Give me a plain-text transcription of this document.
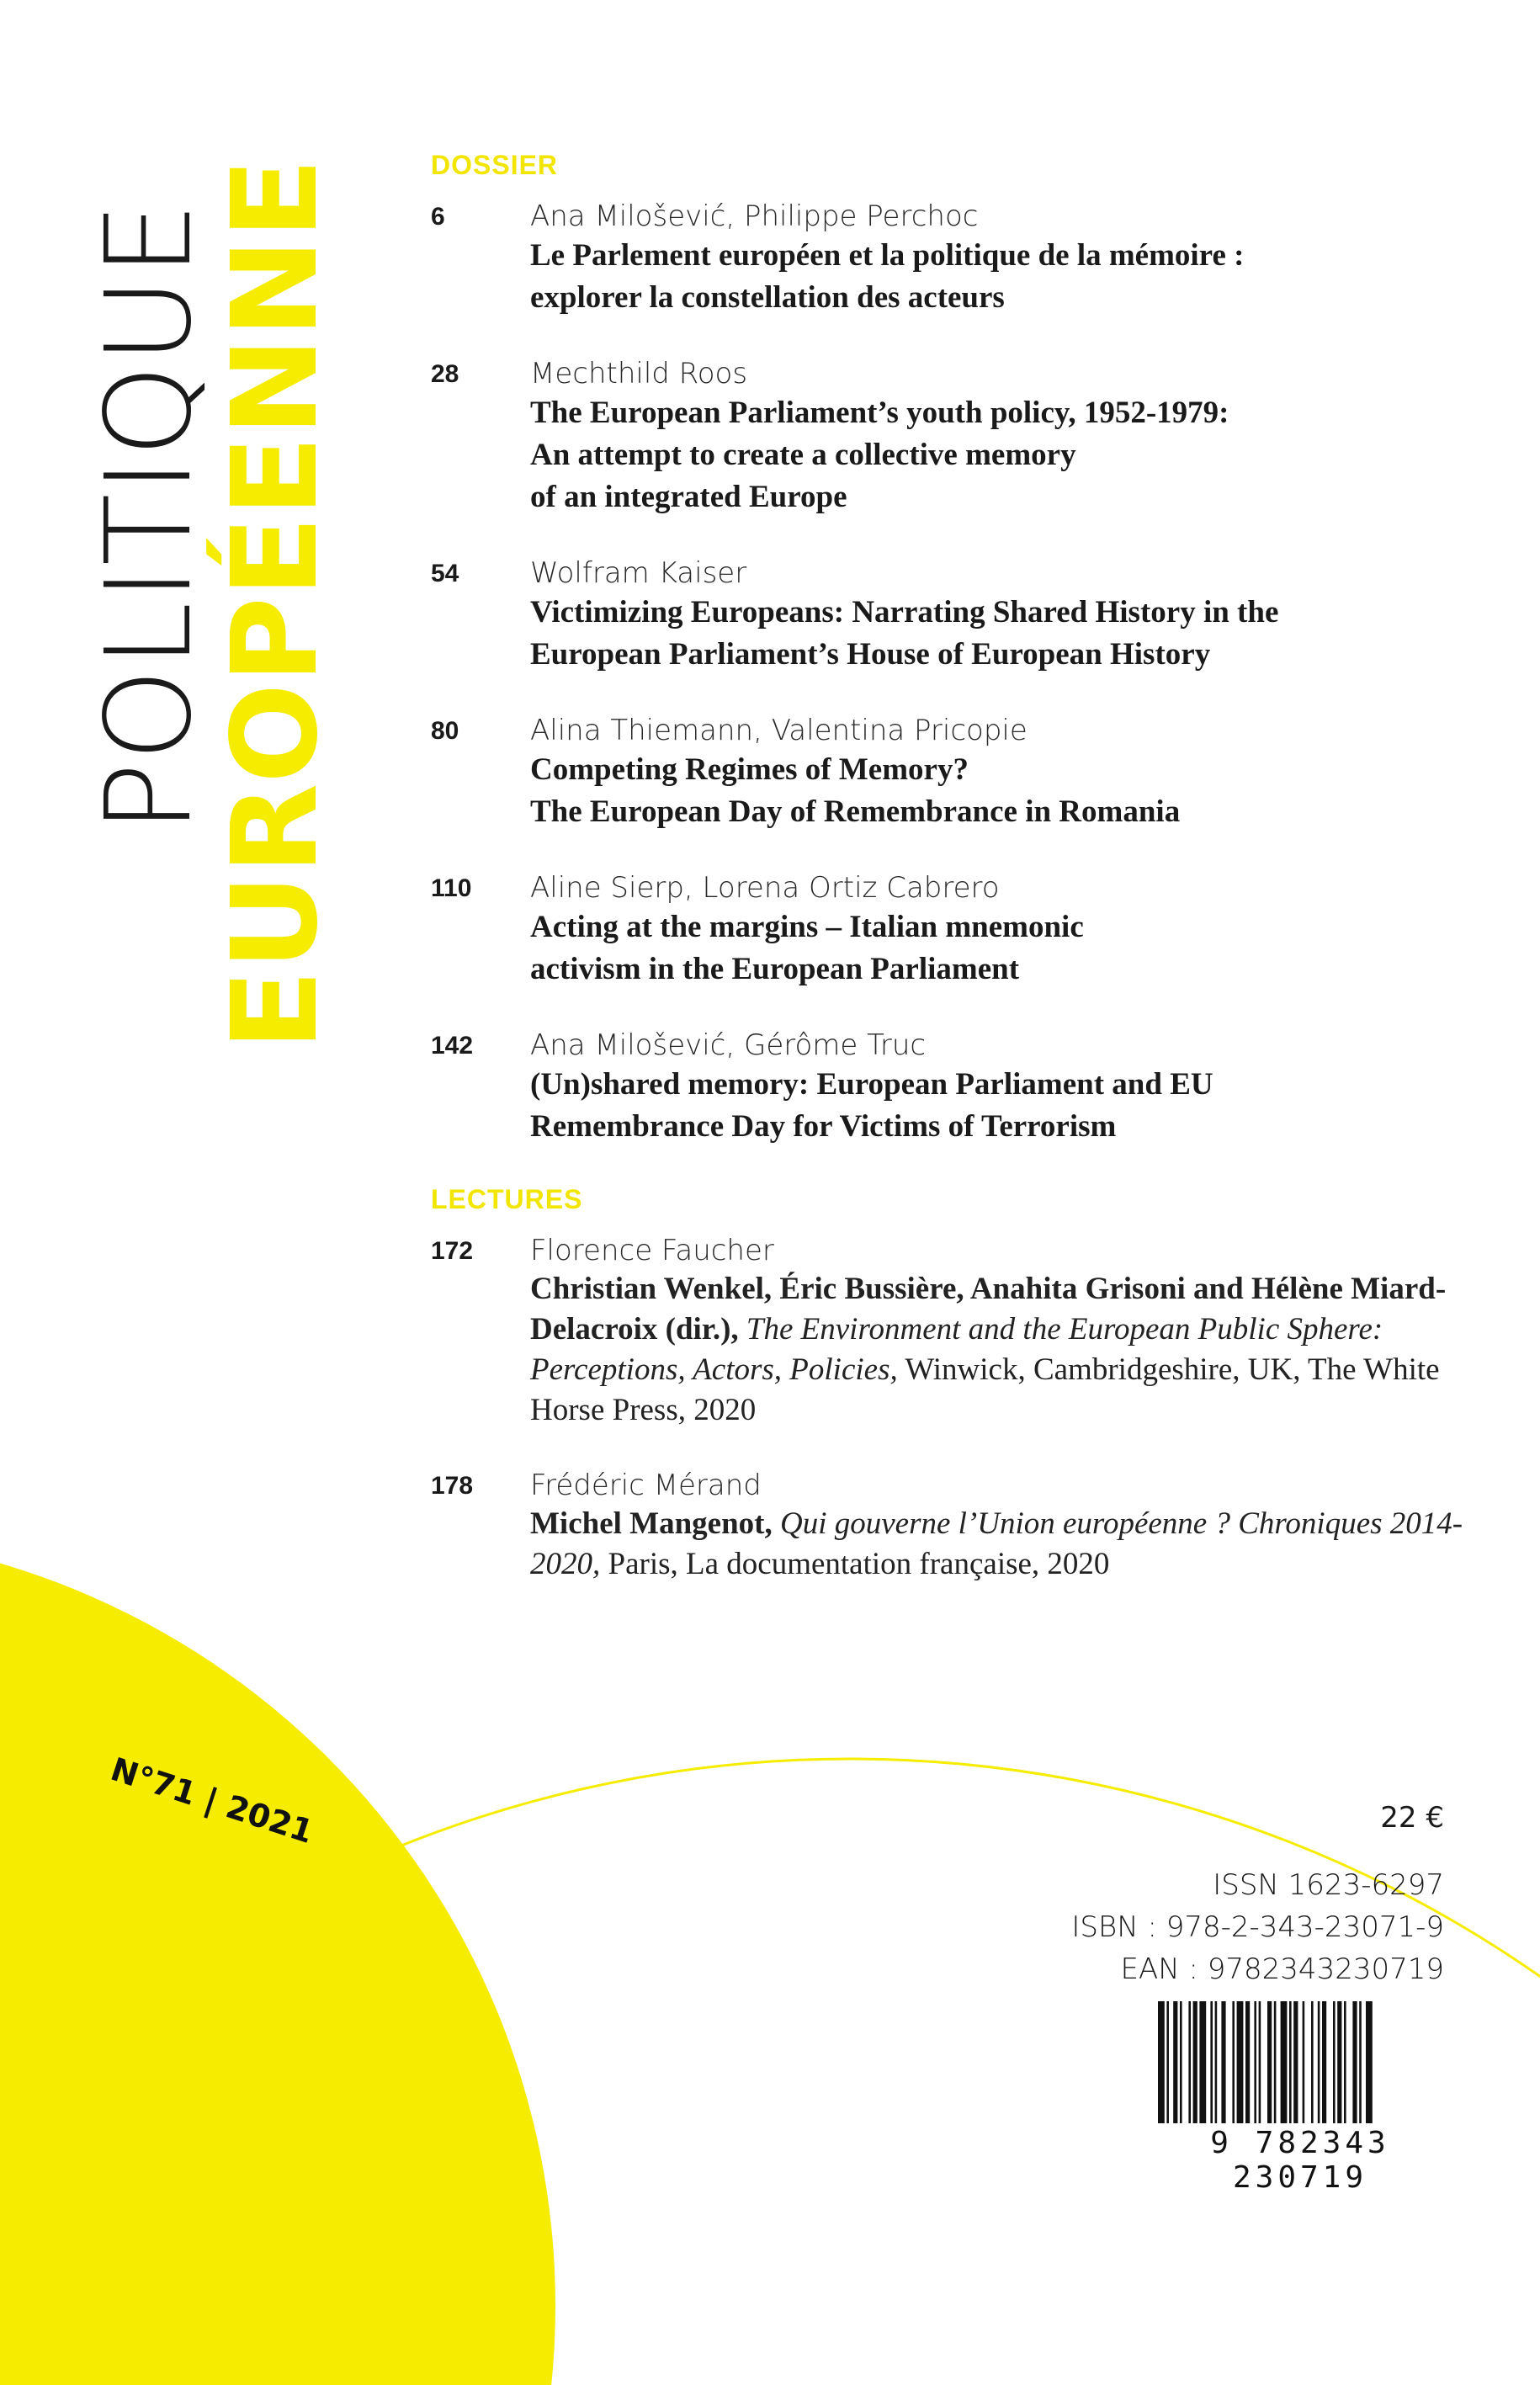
POLITIQUE
EUROPÉENNE	DOSSIER
6	Ana Milošević, Philippe Perchoc
Le Parlement européen et la politique de la mémoire :
explorer la constellation des acteurs
28 Mechthild Roos
The European Parliament’s youth policy, 1952-1979:
An attempt to create a collective memory
of an integrated Europe
54 Wolfram Kaiser
Victimizing Europeans: Narrating Shared History in the
European Parliament’s House of European History
80 Alina Thiemann, Valentina Pricopie
Competing Regimes of Memory?
The European Day of Remembrance in Romania
110 Aline Sierp, Lorena Ortiz Cabrero
Acting at the margins – Italian mnemonic
activism in the European Parliament
142 Ana Milošević, Gérôme Truc
(Un)shared memory: European Parliament and EU
Remembrance Day for Victims of Terrorism
LECTURES
172 Florence Faucher
Christian Wenkel, Éric Bussière, Anahita Grisoni and Hélène Miard-Delacroix (dir.), The Environment and the European Public Sphere: Perceptions, Actors, Policies, Winwick, Cambridgeshire, UK, The White Horse Press, 2020
178 Frédéric Mérand
Michel Mangenot, Qui gouverne l’Union européenne ? Chroniques 2014-2020, Paris, La documentation française, 2020
N°71 | 2021	22 €
ISSN 1623-6297
ISBN : 978-2-343-23071-9
EAN : 9782343230719
9 782343 230719
